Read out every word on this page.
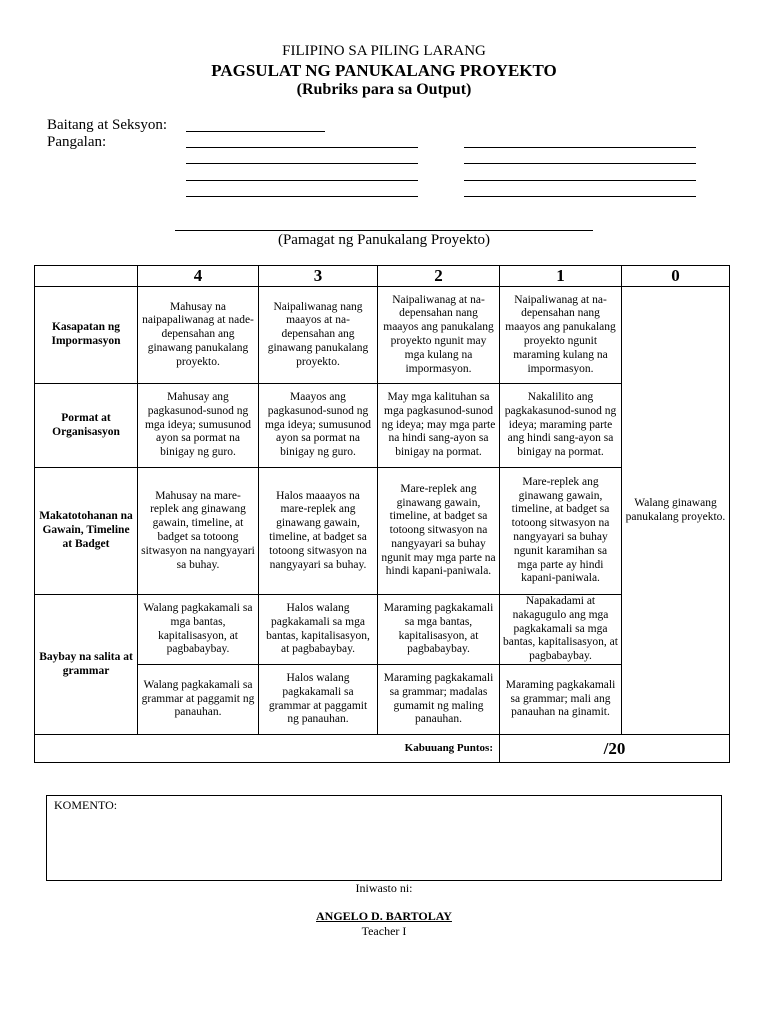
FILIPINO SA PILING LARANG
PAGSULAT NG PANUKALANG PROYEKTO
(Rubriks para sa Output)
Baitang at Seksyon:
Pangalan:
(Pamagat ng Panukalang Proyekto)
	4	3	2	1	0
Kasapatan ng Impormasyon	Mahusay na naipapaliwanag at nade-depensahan ang ginawang panukalang proyekto.	Naipaliwanag nang maayos at na-depensahan ang ginawang panukalang proyekto.	Naipaliwanag at na-depensahan nang maayos ang panukalang proyekto ngunit may mga kulang na impormasyon.	Naipaliwanag at na-depensahan nang maayos ang panukalang proyekto ngunit maraming kulang na impormasyon.	Walang ginawang panukalang proyekto.
Pormat at Organisasyon	Mahusay ang pagkasunod-sunod ng mga ideya; sumusunod ayon sa pormat na binigay ng guro.	Maayos ang pagkasunod-sunod ng mga ideya; sumusunod ayon sa pormat na binigay ng guro.	May mga kalituhan sa mga pagkasunod-sunod ng ideya; may mga parte na hindi sang-ayon sa binigay na pormat.	Nakalilito ang pagkakasunod-sunod ng ideya; maraming parte ang hindi sang-ayon sa binigay na pormat.	
Makatotohanan na Gawain, Timeline at Badget	Mahusay na mare-replek ang ginawang gawain, timeline, at badget sa totoong sitwasyon na nangyayari sa buhay.	Halos maaayos na mare-replek ang ginawang gawain, timeline, at badget sa totoong sitwasyon na nangyayari sa buhay.	Mare-replek ang ginawang gawain, timeline, at badget sa totoong sitwasyon na nangyayari sa buhay ngunit may mga parte na hindi kapani-paniwala.	Mare-replek ang ginawang gawain, timeline, at badget sa totoong sitwasyon na nangyayari sa buhay ngunit karamihan sa mga parte ay hindi kapani-paniwala.	
Baybay na salita at grammar	Walang pagkakamali sa mga bantas, kapitalisasyon, at pagbabaybay.	Halos walang pagkakamali sa mga bantas, kapitalisasyon, at pagbabaybay.	Maraming pagkakamali sa mga bantas, kapitalisasyon, at pagbabaybay.	Napakadami at nakagugulo ang mga pagkakamali sa mga bantas, kapitalisasyon, at pagbabaybay.	
	Walang pagkakamali sa grammar at paggamit ng panauhan.	Halos walang pagkakamali sa grammar at paggamit ng panauhan.	Maraming pagkakamali sa grammar; madalas gumamit ng maling panauhan.	Maraming pagkakamali sa grammar; mali ang panauhan na ginamit.	
Kabuuang Puntos:				/20	
KOMENTO:
Iniwasto ni:
ANGELO D. BARTOLAY
Teacher I
